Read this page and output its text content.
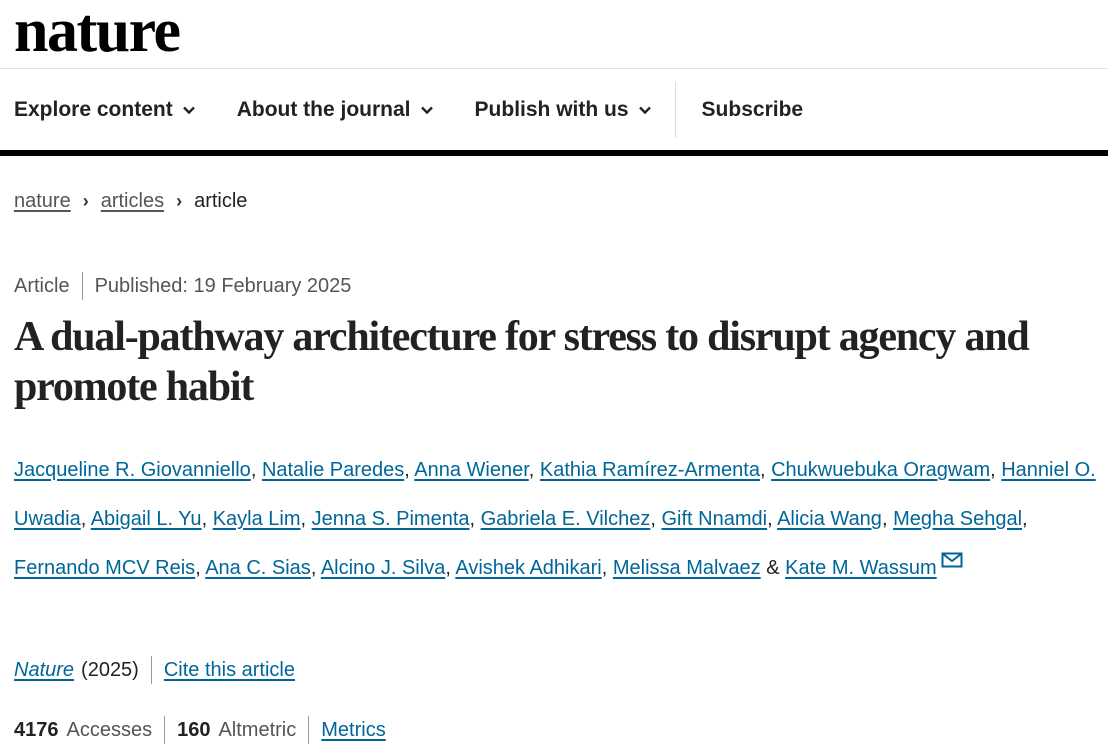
nature
Explore content	About the journal	Publish with us	Subscribe
nature › articles › article
Article Published: 19 February 2025
A dual-pathway architecture for stress to disrupt agency and promote habit
Jacqueline R. Giovanniello, Natalie Paredes, Anna Wiener, Kathia Ramírez-Armenta, Chukwuebuka Oragwam, Hanniel O. Uwadia, Abigail L. Yu, Kayla Lim, Jenna S. Pimenta, Gabriela E. Vilchez, Gift Nnamdi, Alicia Wang, Megha Sehgal, Fernando MCV Reis, Ana C. Sias, Alcino J. Silva, Avishek Adhikari, Melissa Malvaez & Kate M. Wassum
Nature (2025) Cite this article
4176 Accesses 160 Altmetric Metrics
